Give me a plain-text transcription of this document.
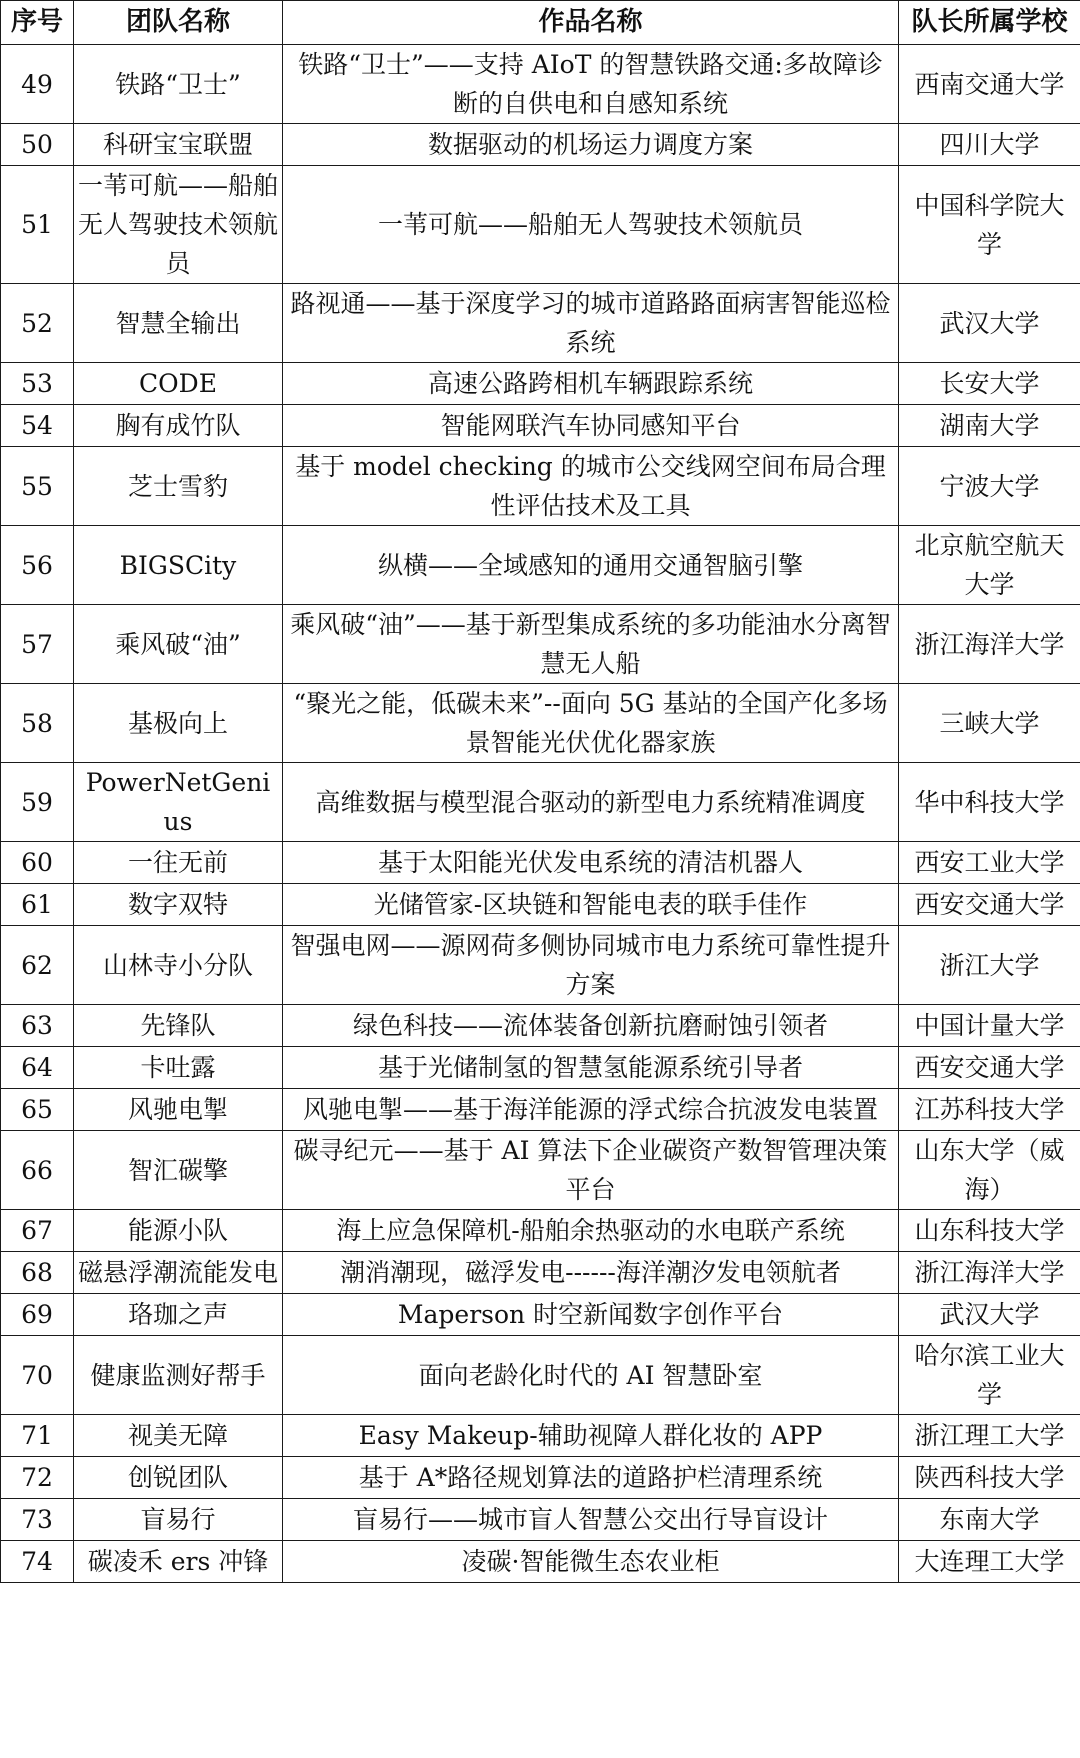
序号	团队名称	作品名称	队长所属学校
49	铁路“卫士”	铁路“卫士”——支持 AIoT 的智慧铁路交通:多故障诊断的自供电和自感知系统	西南交通大学
50	科研宝宝联盟	数据驱动的机场运力调度方案	四川大学
51	一苇可航——船舶无人驾驶技术领航员	一苇可航——船舶无人驾驶技术领航员	中国科学院大学
52	智慧全输出	路视通——基于深度学习的城市道路路面病害智能巡检系统	武汉大学
53	CODE	高速公路跨相机车辆跟踪系统	长安大学
54	胸有成竹队	智能网联汽车协同感知平台	湖南大学
55	芝士雪豹	基于 model checking 的城市公交线网空间布局合理性评估技术及工具	宁波大学
56	BIGSCity	纵横——全域感知的通用交通智脑引擎	北京航空航天大学
57	乘风破“油”	乘风破“油”——基于新型集成系统的多功能油水分离智慧无人船	浙江海洋大学
58	基极向上	“聚光之能，低碳未来”--面向 5G 基站的全国产化多场景智能光伏优化器家族	三峡大学
59	PowerNetGenius	高维数据与模型混合驱动的新型电力系统精准调度	华中科技大学
60	一往无前	基于太阳能光伏发电系统的清洁机器人	西安工业大学
61	数字双特	光储管家-区块链和智能电表的联手佳作	西安交通大学
62	山林寺小分队	智强电网——源网荷多侧协同城市电力系统可靠性提升方案	浙江大学
63	先锋队	绿色科技——流体装备创新抗磨耐蚀引领者	中国计量大学
64	卡吐露	基于光储制氢的智慧氢能源系统引导者	西安交通大学
65	风驰电掣	风驰电掣——基于海洋能源的浮式综合抗波发电装置	江苏科技大学
66	智汇碳擎	碳寻纪元——基于 AI 算法下企业碳资产数智管理决策平台	山东大学（威海）
67	能源小队	海上应急保障机-船舶余热驱动的水电联产系统	山东科技大学
68	磁悬浮潮流能发电	潮消潮现，磁浮发电------海洋潮汐发电领航者	浙江海洋大学
69	珞珈之声	Maperson 时空新闻数字创作平台	武汉大学
70	健康监测好帮手	面向老龄化时代的 AI 智慧卧室	哈尔滨工业大学
71	视美无障	Easy Makeup-辅助视障人群化妆的 APP	浙江理工大学
72	创锐团队	基于 A*路径规划算法的道路护栏清理系统	陕西科技大学
73	盲易行	盲易行——城市盲人智慧公交出行导盲设计	东南大学
74	碳凌禾 ers 冲锋	凌碳·智能微生态农业柜	大连理工大学
